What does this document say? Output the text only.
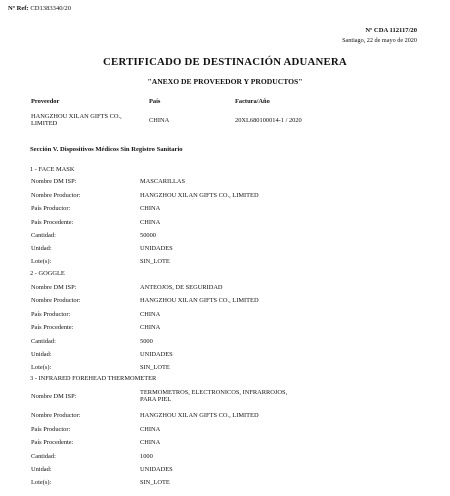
Nº Ref: CD1383340/20
Nº CDA 112117/20
Santiago, 22 de mayo de 2020
CERTIFICADO DE DESTINACIÓN ADUANERA
"ANEXO DE PROVEEDOR Y PRODUCTOS"
Proveedor	País	Factura/Año
HANGZHOU XILAN GIFTS CO.,
LIMITED	CHINA	20XL680100014-1 / 2020
Sección V. Dispositivos Médicos Sin Registro Sanitario
1 - FACE MASK
Nombre DM ISP:	MASCARILLAS
Nombre Productor:	HANGZHOU XILAN GIFTS CO., LIMITED
País Productor:	CHINA
País Procedente:	CHINA
Cantidad:	50000
Unidad:	UNIDADES
Lote(s):	SIN_LOTE
2 - GOGGLE
Nombre DM ISP:	ANTEOJOS, DE SEGURIDAD
Nombre Productor:	HANGZHOU XILAN GIFTS CO., LIMITED
País Productor:	CHINA
País Procedente:	CHINA
Cantidad:	5000
Unidad:	UNIDADES
Lote(s):	SIN_LOTE
3 - INFRARED FOREHEAD THERMOMETER
Nombre DM ISP:
TERMOMETROS, ELECTRONICOS, INFRARROJOS, PARA PIEL
Nombre Productor:	HANGZHOU XILAN GIFTS CO., LIMITED
País Productor:	CHINA
País Procedente:	CHINA
Cantidad:	1000
Unidad:	UNIDADES
Lote(s):	SIN_LOTE
